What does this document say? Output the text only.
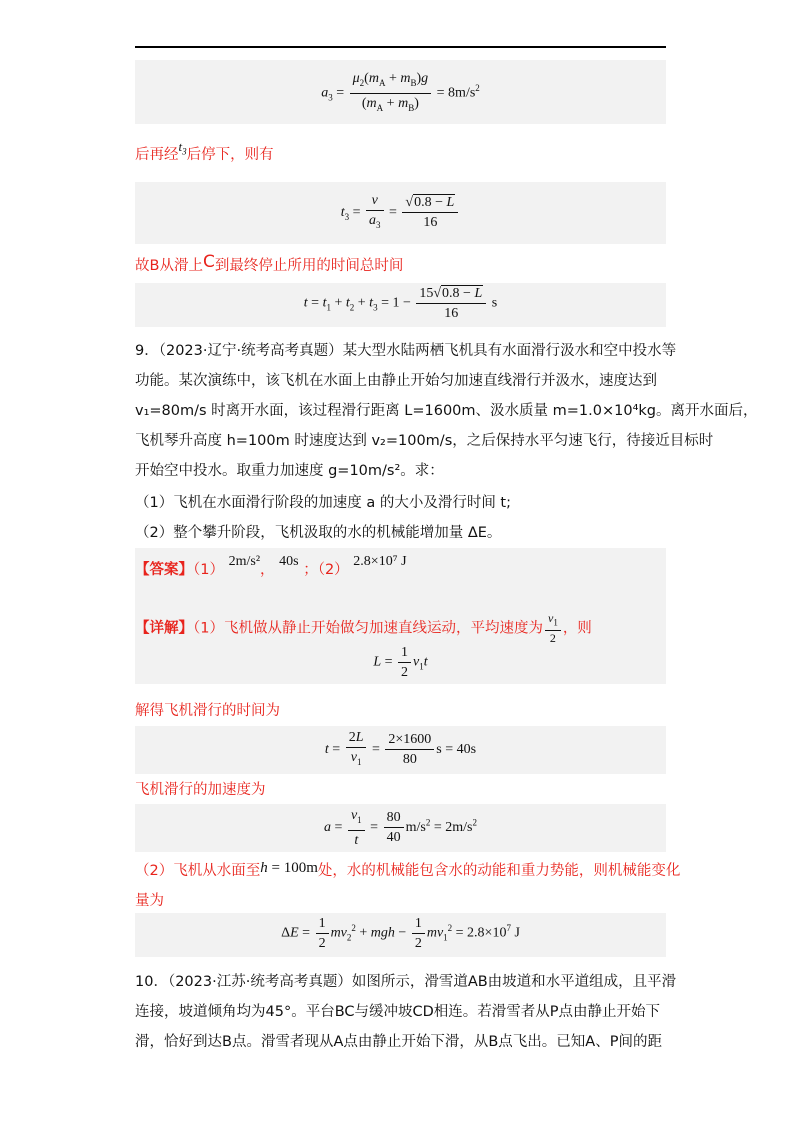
$a_3 = \frac{\mu_2(m_A + m_B)g}{(m_A + m_B)} = 8m/s^2$
后再经$t_3$后停下，则有
$t_3 = \frac{v}{a_3} = \frac{√0.8 - L}{16}$
故B从滑上C到最终停止所用的时间总时间
$t = t_1 + t_2 + t_3 = 1 - \frac{15√0.8 - L}{16}$ s
9．（2023·辽宁·统考高考真题）某大型水陆两栖飞机具有水面滑行汲水和空中投水等
功能。某次演练中，该飞机在水面上由静止开始匀加速直线滑行并汲水，速度达到
v₁=80m/s 时离开水面，该过程滑行距离 L=1600m、汲水质量 m=1.0×10⁴kg。离开水面后，
飞机琴升高度 h=100m 时速度达到 v₂=100m/s，之后保持水平匀速飞行，待接近目标时
开始空中投水。取重力加速度 g=10m/s²。求：
（1）飞机在水面滑行阶段的加速度 a 的大小及滑行时间 t;
（2）整个攀升阶段，飞机汲取的水的机械能增加量 ΔE。
【答案】（1） 2m/s²， 40s ；（2） 2.8×10⁷ J
【详解】（1）飞机做从静止开始做匀加速直线运动，平均速度为 $\frac{v_1}{2}$ ，则
$L = \frac{1}{2} v_1t$
解得飞机滑行的时间为
$t = \frac{2L}{v_1} = \frac{2\times 1600}{80}$ s = 40s
飞机滑行的加速度为
$a = \frac{v_1}{t} = \frac{80}{40} m/s^2 = 2m/s^2$
（2）飞机从水面至h = 100m处，水的机械能包含水的动能和重力势能，则机械能变化
量为
$\Delta E = \frac{1}{2} mv_2^2$ + mgh − $\frac{1}{2} mv_1^2 = 2.8\times 10^7$ J
10．（2023·江苏·统考高考真题）如图所示，滑雪道AB由坡道和水平道组成，且平滑
连接，坡道倾角均为45°。平台BC与缓冲坡CD相连。若滑雪者从P点由静止开始下
滑，恰好到达B点。滑雪者现从A点由静止开始下滑，从B点飞出。已知A、P间的距
